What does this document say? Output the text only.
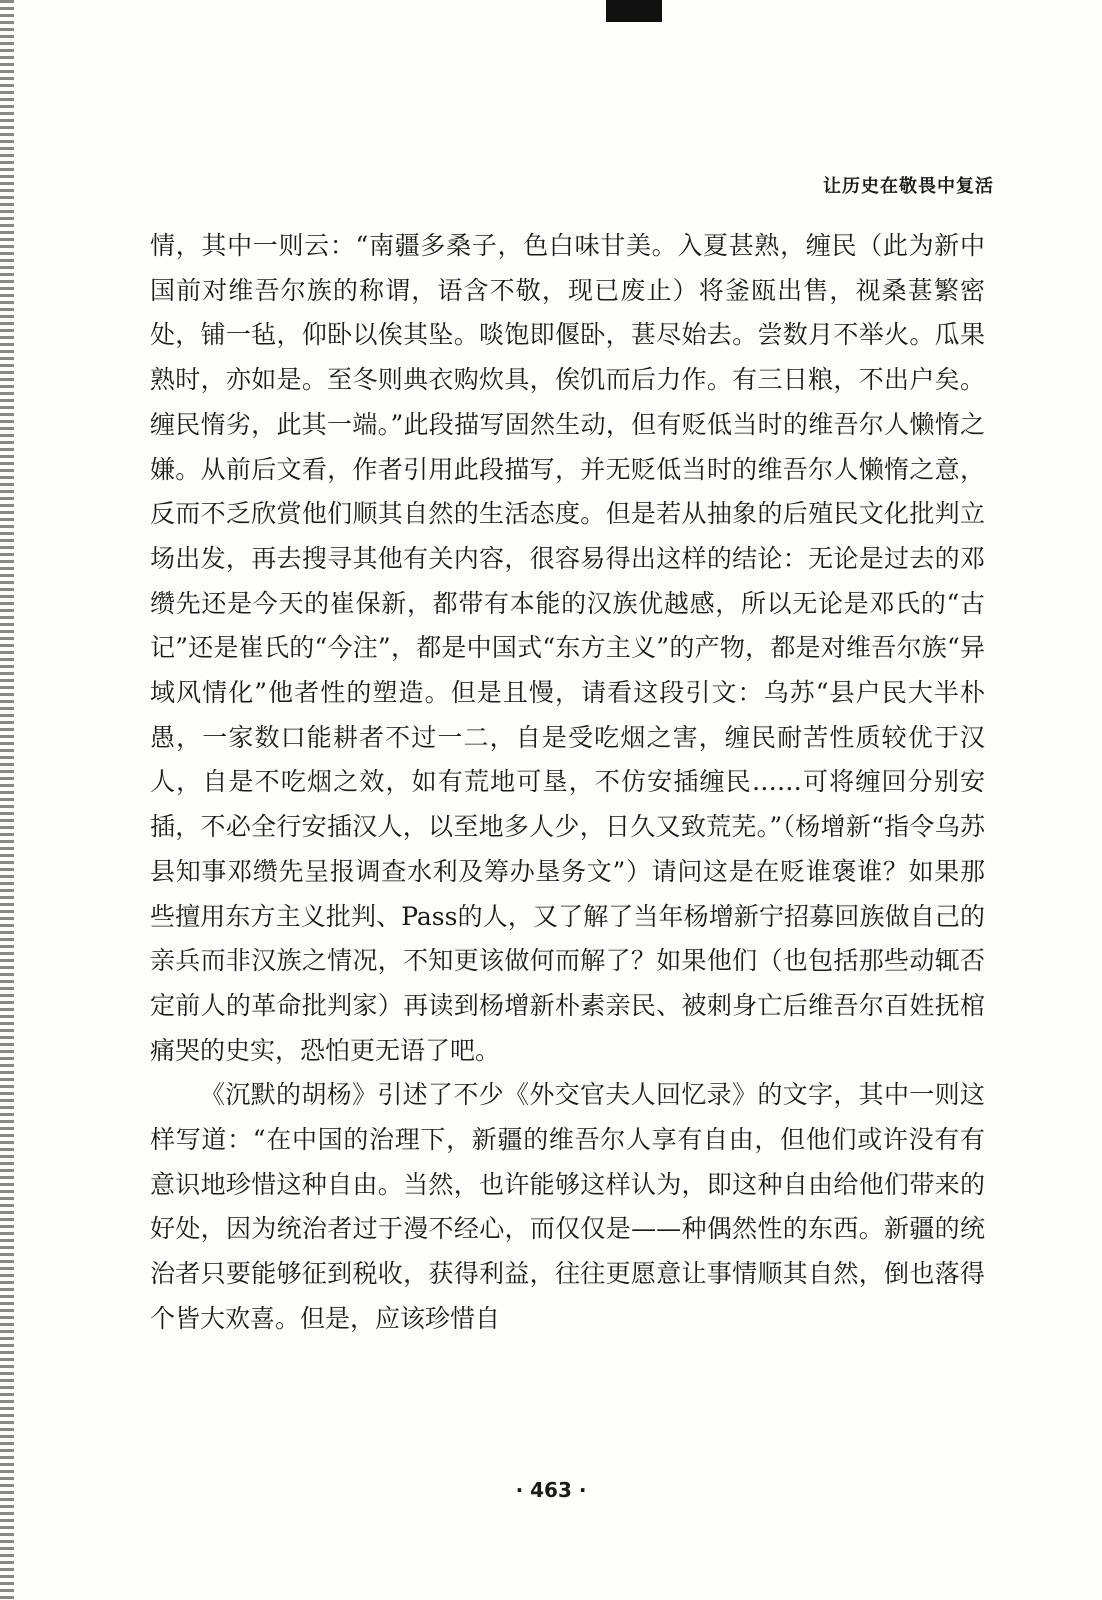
让历史在敬畏中复活

情，其中一则云：“南疆多桑子，色白味甘美。入夏甚熟，缠民（此为新中国前对维吾尔族的称谓，语含不敬，现已废止）将釜瓯出售，视桑葚繁密处，铺一毡，仰卧以俟其坠。啖饱即偃卧，葚尽始去。尝数月不举火。瓜果熟时，亦如是。至冬则典衣购炊具，俟饥而后力作。有三日粮，不出户矣。缠民惰劣，此其一端。”此段描写固然生动，但有贬低当时的维吾尔人懒惰之嫌。从前后文看，作者引用此段描写，并无贬低当时的维吾尔人懒惰之意，反而不乏欣赏他们顺其自然的生活态度。但是若从抽象的后殖民文化批判立场出发，再去搜寻其他有关内容，很容易得出这样的结论：无论是过去的邓缵先还是今天的崔保新，都带有本能的汉族优越感，所以无论是邓氏的“古记”还是崔氏的“今注”，都是中国式“东方主义”的产物，都是对维吾尔族“异域风情化”他者性的塑造。但是且慢，请看这段引文：乌苏“县户民大半朴愚，一家数口能耕者不过一二，自是受吃烟之害，缠民耐苦性质较优于汉人，自是不吃烟之效，如有荒地可垦，不仿安插缠民……可将缠回分别安插，不必全行安插汉人，以至地多人少，日久又致荒芜。”（杨增新“指令乌苏县知事邓缵先呈报调查水利及筹办垦务文”）请问这是在贬谁褒谁？如果那些擅用东方主义批判、Pass的人，又了解了当年杨增新宁招募回族做自己的亲兵而非汉族之情况，不知更该做何而解了？如果他们（也包括那些动辄否定前人的革命批判家）再读到杨增新朴素亲民、被刺身亡后维吾尔百姓抚棺痛哭的史实，恐怕更无语了吧。

《沉默的胡杨》引述了不少《外交官夫人回忆录》的文字，其中一则这样写道：“在中国的治理下，新疆的维吾尔人享有自由，但他们或许没有有意识地珍惜这种自由。当然，也许能够这样认为，即这种自由给他们带来的好处，因为统治者过于漫不经心，而仅仅是——种偶然性的东西。新疆的统治者只要能够征到税收，获得利益，往往更愿意让事情顺其自然，倒也落得个皆大欢喜。但是，应该珍惜自

· 463 ·
